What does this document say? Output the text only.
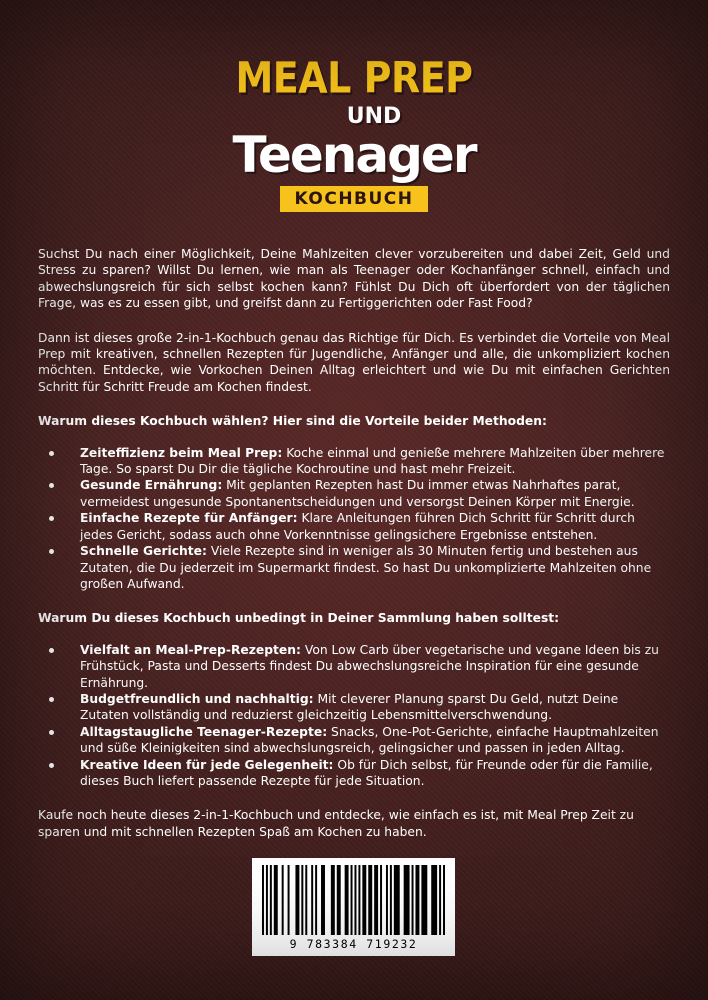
MEAL PREP
UND
Teenager
KOCHBUCH

Suchst Du nach einer Möglichkeit, Deine Mahlzeiten clever vorzubereiten und dabei Zeit, Geld und Stress zu sparen? Willst Du lernen, wie man als Teenager oder Kochanfänger schnell, einfach und abwechslungsreich für sich selbst kochen kann? Fühlst Du Dich oft überfordert von der täglichen Frage, was es zu essen gibt, und greifst dann zu Fertiggerichten oder Fast Food?

Dann ist dieses große 2-in-1-Kochbuch genau das Richtige für Dich. Es verbindet die Vorteile von Meal Prep mit kreativen, schnellen Rezepten für Jugendliche, Anfänger und alle, die unkompliziert kochen möchten. Entdecke, wie Vorkochen Deinen Alltag erleichtert und wie Du mit einfachen Gerichten Schritt für Schritt Freude am Kochen findest.

Warum dieses Kochbuch wählen? Hier sind die Vorteile beider Methoden:
Zeiteffizienz beim Meal Prep: Koche einmal und genieße mehrere Mahlzeiten über mehrere Tage. So sparst Du Dir die tägliche Kochroutine und hast mehr Freizeit.
Gesunde Ernährung: Mit geplanten Rezepten hast Du immer etwas Nahrhaftes parat, vermeidest ungesunde Spontanentscheidungen und versorgst Deinen Körper mit Energie.
Einfache Rezepte für Anfänger: Klare Anleitungen führen Dich Schritt für Schritt durch jedes Gericht, sodass auch ohne Vorkenntnisse gelingsichere Ergebnisse entstehen.
Schnelle Gerichte: Viele Rezepte sind in weniger als 30 Minuten fertig und bestehen aus Zutaten, die Du jederzeit im Supermarkt findest. So hast Du unkomplizierte Mahlzeiten ohne großen Aufwand.
Warum Du dieses Kochbuch unbedingt in Deiner Sammlung haben solltest:
Vielfalt an Meal-Prep-Rezepten: Von Low Carb über vegetarische und vegane Ideen bis zu Frühstück, Pasta und Desserts findest Du abwechslungsreiche Inspiration für eine gesunde Ernährung.
Budgetfreundlich und nachhaltig: Mit cleverer Planung sparst Du Geld, nutzt Deine Zutaten vollständig und reduzierst gleichzeitig Lebensmittelverschwendung.
Alltagstaugliche Teenager-Rezepte: Snacks, One-Pot-Gerichte, einfache Hauptmahlzeiten und süße Kleinigkeiten sind abwechslungsreich, gelingsicher und passen in jeden Alltag.
Kreative Ideen für jede Gelegenheit: Ob für Dich selbst, für Freunde oder für die Familie, dieses Buch liefert passende Rezepte für jede Situation.

Kaufe noch heute dieses 2-in-1-Kochbuch und entdecke, wie einfach es ist, mit Meal Prep Zeit zu sparen und mit schnellen Rezepten Spaß am Kochen zu haben.

9 783384 719232
